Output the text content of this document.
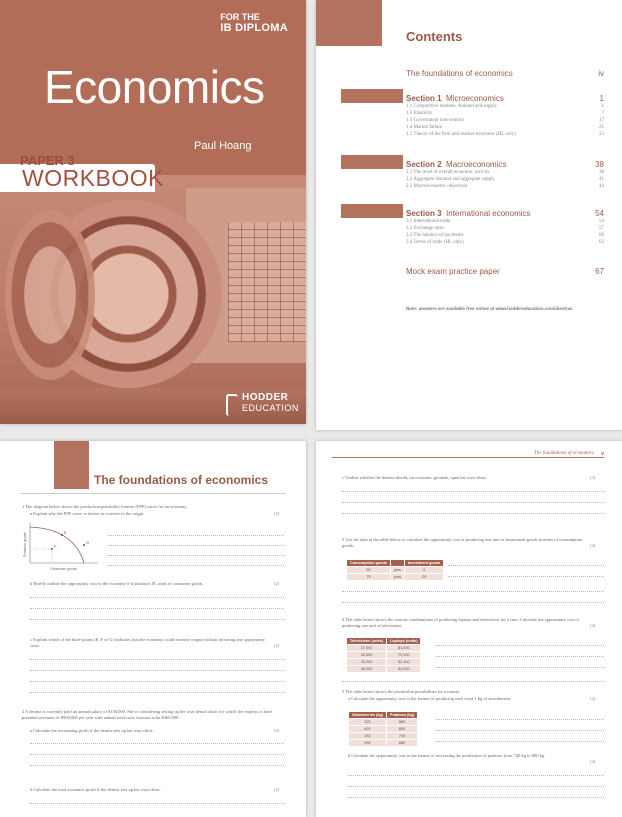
FOR THE
IB DIPLOMA
Economics
Paul Hoang
PAPER 3
WORKBOOK
HODDER
EDUCATION
Contents
The foundations of economics	iv
Section 1 Microeconomics	1
1.1 Competitive markets: demand and supply	1
1.2 Elasticity	7
1.3 Government intervention	17
1.4 Market failure	21
1.5 Theory of the firm and market structures (HL only)	23
Section 2 Macroeconomics	38
2.1 The level of overall economic activity	38
2.2 Aggregate demand and aggregate supply	41
2.3 Macroeconomic objectives	44
Section 3 International economics	54
3.1 International trade	54
3.2 Exchange rates	57
3.3 The balance of payments	60
3.4 Terms of trade (HL only)	63
Mock exam practice paper	67
Note: answers are available free online at www.hoddereducation.com/ibextras
The foundations of economics
1 The diagram below shows the production possibility frontier (PPF) curve for an economy.
a Explain why the PPF curve is shown as concave to the origin.	[2]
E
F
G
Producer goods
Consumer goods
b Briefly outline the opportunity cost to the economy if it produces 0C units of consumer goods.	[2]
c Explain which of the three points (E, F or G) indicates that the economy could increase output without incurring any opportunity costs.	[2]
2 A dentist is currently paid an annual salary of $150,000. She is considering setting up her own dental clinic for which she expects to have potential revenues of $900,000 per year with annual total costs forecast to be $360,000.
a Calculate the accounting profit if the dentist sets up her own clinic.	[2]
b Calculate the total economic profit if the dentist sets up her own clinic.	[2]
The foundations of economics v
c Outline whether the dentist should, on economic grounds, open her own clinic.	[2]
3 Use the data in the table below to calculate the opportunity cost of producing one unit of investment goods in terms of consumption goods.	[2]
Consumption goods		Investment goods
90	plus	0
75	plus	20
4 The table below shows the various combinations of producing laptops and televisions for a firm. Calculate the opportunity cost of producing one unit of televisions.	[2]
Televisions (units)	Laptops (units)
27,000	81,000
30,600	72,000
33,000	62,100
36,000	54,000
5 The table below shows the production possibilities for a farmer.
a Calculate the opportunity cost to the farmer of producing each extra 1 kg of strawberries.	[2]
Strawberries (kg)	Potatoes (kg)
320	880
621	800
263	740
591	680
b Calculate the opportunity cost to the farmer of increasing the production of potatoes from 740 kg to 800 kg.
[2]
